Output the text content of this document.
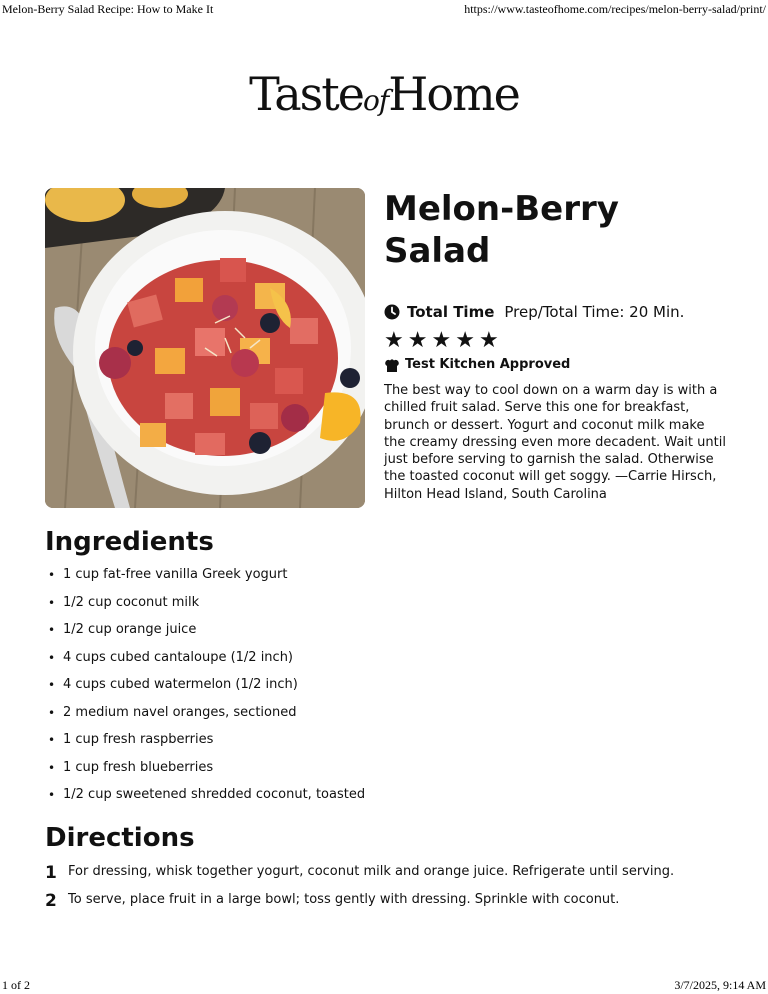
Melon-Berry Salad Recipe: How to Make It	https://www.tasteofhome.com/recipes/melon-berry-salad/print/
TasteofHome
Melon-Berry
Salad
Total Time Prep/Total Time: 20 Min.
★ ★ ★ ★ ★
Test Kitchen Approved

The best way to cool down on a warm day is with a chilled fruit salad. Serve this one for breakfast, brunch or dessert. Yogurt and coconut milk make the creamy dressing even more decadent. Wait until just before serving to garnish the salad. Otherwise the toasted coconut will get soggy. —Carrie Hirsch, Hilton Head Island, South Carolina

Ingredients
• 1 cup fat-free vanilla Greek yogurt
• 1/2 cup coconut milk
• 1/2 cup orange juice
• 4 cups cubed cantaloupe (1/2 inch)
• 4 cups cubed watermelon (1/2 inch)
• 2 medium navel oranges, sectioned
• 1 cup fresh raspberries
• 1 cup fresh blueberries
• 1/2 cup sweetened shredded coconut, toasted
Directions
1 For dressing, whisk together yogurt, coconut milk and orange juice. Refrigerate until serving.
2 To serve, place fruit in a large bowl; toss gently with dressing. Sprinkle with coconut.
1 of 2	3/7/2025, 9:14 AM
